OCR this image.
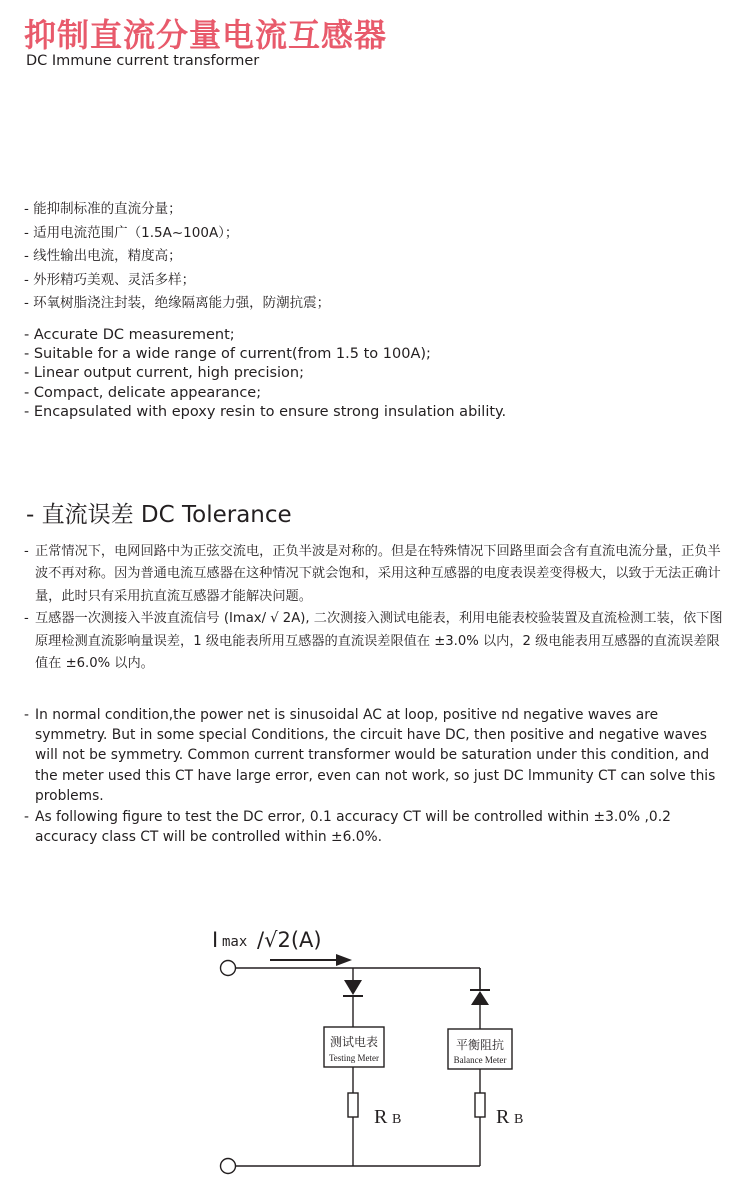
抑制直流分量电流互感器
DC Immune current transformer
- 能抑制标准的直流分量；
- 适用电流范围广（1.5A~100A）；
- 线性输出电流，精度高；
- 外形精巧美观、灵活多样；
- 环氧树脂浇注封装，绝缘隔离能力强，防潮抗震；
- Accurate DC measurement;
- Suitable for a wide range of current(from 1.5 to 100A);
- Linear output current, high precision;
- Compact, delicate appearance;
- Encapsulated with epoxy resin to ensure strong insulation ability.
- 直流误差 DC Tolerance
- 正常情况下，电网回路中为正弦交流电，正负半波是对称的。但是在特殊情况下回路里面会含有直流电流分量，正负半波不再对称。因为普通电流互感器在这种情况下就会饱和，采用这种互感器的电度表误差变得极大，以致于无法正确计量，此时只有采用抗直流互感器才能解决问题。
- 互感器一次测接入半波直流信号 (Imax/ √ 2A), 二次测接入测试电能表，利用电能表校验装置及直流检测工装，依下图原理检测直流影响量误差，1 级电能表所用互感器的直流误差限值在 ±3.0% 以内，2 级电能表用互感器的直流误差限值在 ±6.0% 以内。
- In normal condition,the power net is sinusoidal AC at loop, positive nd negative waves are symmetry. But in some special Conditions, the circuit have DC, then positive and negative waves will not be symmetry. Common current transformer would be saturation under this condition, and the meter used this CT have large error, even can not work, so just DC lmmunity CT can solve this problems.
- As following figure to test the DC error, 0.1 accuracy CT will be controlled within ±3.0% ,0.2 accuracy class CT will be controlled within ±6.0%.
I max /√2(A)
测试电表
Testing Meter
R B
平衡阻抗
Balance Meter
R B
